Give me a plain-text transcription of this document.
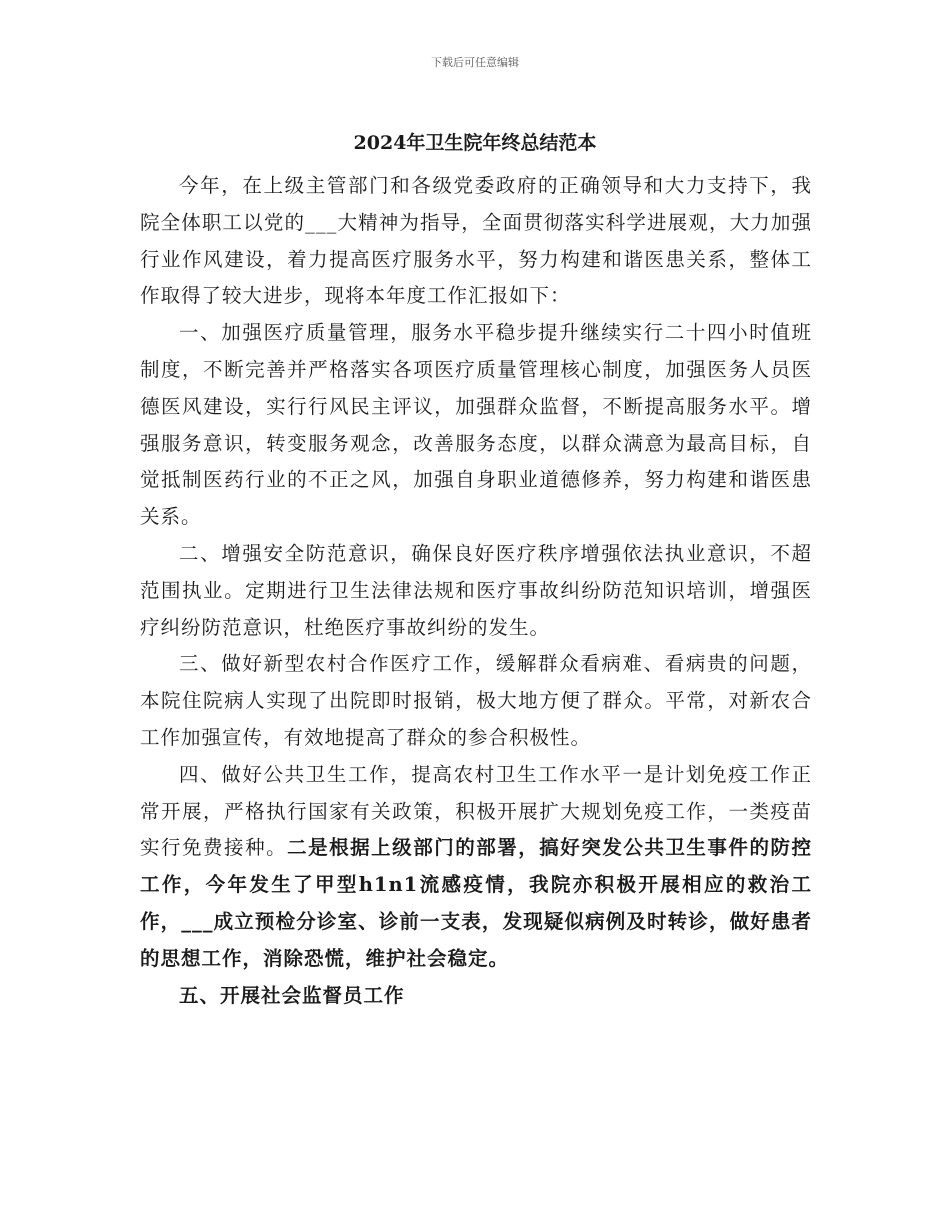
下载后可任意编辑
2024年卫生院年终总结范本

今年，在上级主管部门和各级党委政府的正确领导和大力支持下，我院全体职工以党的___大精神为指导，全面贯彻落实科学进展观，大力加强行业作风建设，着力提高医疗服务水平，努力构建和谐医患关系，整体工作取得了较大进步，现将本年度工作汇报如下：

一、加强医疗质量管理，服务水平稳步提升继续实行二十四小时值班制度，不断完善并严格落实各项医疗质量管理核心制度，加强医务人员医德医风建设，实行行风民主评议，加强群众监督，不断提高服务水平。增强服务意识，转变服务观念，改善服务态度，以群众满意为最高目标，自觉抵制医药行业的不正之风，加强自身职业道德修养，努力构建和谐医患关系。

二、增强安全防范意识，确保良好医疗秩序增强依法执业意识，不超范围执业。定期进行卫生法律法规和医疗事故纠纷防范知识培训，增强医疗纠纷防范意识，杜绝医疗事故纠纷的发生。

三、做好新型农村合作医疗工作，缓解群众看病难、看病贵的问题，本院住院病人实现了出院即时报销，极大地方便了群众。平常，对新农合工作加强宣传，有效地提高了群众的参合积极性。

四、做好公共卫生工作，提高农村卫生工作水平一是计划免疫工作正常开展，严格执行国家有关政策，积极开展扩大规划免疫工作，一类疫苗实行免费接种。二是根据上级部门的部署，搞好突发公共卫生事件的防控工作，今年发生了甲型h1n1流感疫情，我院亦积极开展相应的救治工作，___成立预检分诊室、诊前一支表，发现疑似病例及时转诊，做好患者的思想工作，消除恐慌，维护社会稳定。

五、开展社会监督员工作
